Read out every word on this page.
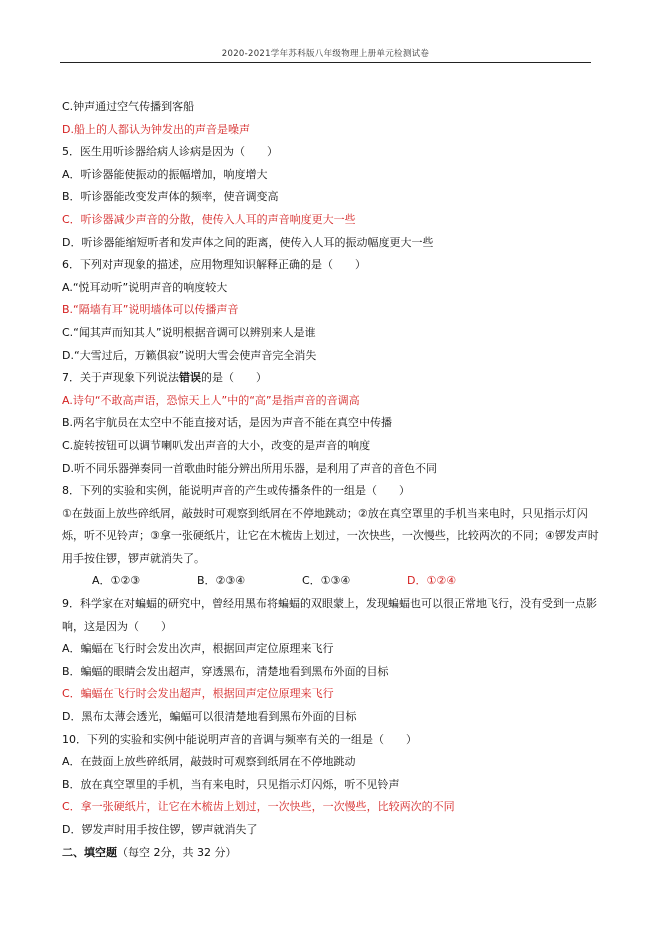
2020-2021学年苏科版八年级物理上册单元检测试卷
C.钟声通过空气传播到客船
D.船上的人都认为钟发出的声音是噪声
5．医生用听诊器给病人诊病是因为（　　）
A．听诊器能使振动的振幅增加，响度增大
B．听诊器能改变发声体的频率，使音调变高
C．听诊器减少声音的分散，使传入人耳的声音响度更大一些
D．听诊器能缩短听者和发声体之间的距离，使传入人耳的振动幅度更大一些
6．下列对声现象的描述，应用物理知识解释正确的是（　　）
A.“悦耳动听”说明声音的响度较大
B.“隔墙有耳”说明墙体可以传播声音
C.“闻其声而知其人”说明根据音调可以辨别来人是谁
D.“大雪过后，万籁俱寂”说明大雪会使声音完全消失
7．关于声现象下列说法错误的是（　　）
A.诗句“不敢高声语，恐惊天上人”中的“高”是指声音的音调高
B.两名宇航员在太空中不能直接对话，是因为声音不能在真空中传播
C.旋转按钮可以调节喇叭发出声音的大小，改变的是声音的响度
D.听不同乐器弹奏同一首歌曲时能分辨出所用乐器，是利用了声音的音色不同
8．下列的实验和实例，能说明声音的产生或传播条件的一组是（　　）
①在鼓面上放些碎纸屑，敲鼓时可观察到纸屑在不停地跳动；②放在真空罩里的手机当来电时，只见指示灯闪烁，听不见铃声；③拿一张硬纸片，让它在木梳齿上划过，一次快些，一次慢些，比较两次的不同；④锣发声时用手按住锣，锣声就消失了。
A．①②③	B．②③④	C．①③④	D．①②④
9．科学家在对蝙蝠的研究中，曾经用黑布将蝙蝠的双眼蒙上，发现蝙蝠也可以很正常地飞行，没有受到一点影响，这是因为（　　）
A．蝙蝠在飞行时会发出次声，根据回声定位原理来飞行
B．蝙蝠的眼睛会发出超声，穿透黑布，清楚地看到黑布外面的目标
C．蝙蝠在飞行时会发出超声，根据回声定位原理来飞行
D．黑布太薄会透光，蝙蝠可以很清楚地看到黑布外面的目标
10．下列的实验和实例中能说明声音的音调与频率有关的一组是（　　）
A．在鼓面上放些碎纸屑，敲鼓时可观察到纸屑在不停地跳动
B．放在真空罩里的手机，当有来电时，只见指示灯闪烁，听不见铃声
C．拿一张硬纸片，让它在木梳齿上划过，一次快些，一次慢些，比较两次的不同
D．锣发声时用手按住锣，锣声就消失了
二、填空题（每空 2分，共 32 分）
